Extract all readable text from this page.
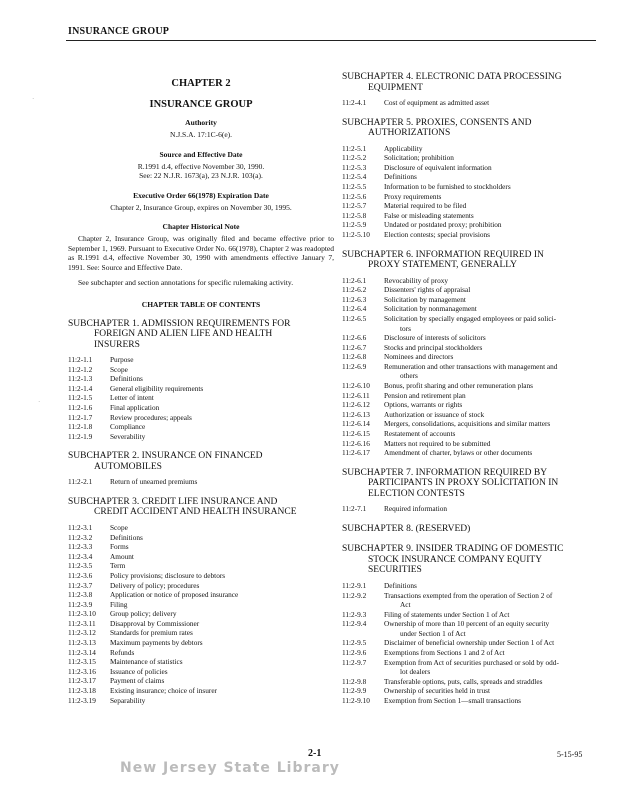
INSURANCE GROUP
·
·
CHAPTER 2
INSURANCE GROUP
Authority
N.J.S.A. 17:1C-6(e).
Source and Effective Date
R.1991 d.4, effective November 30, 1990.
See: 22 N.J.R. 1673(a), 23 N.J.R. 103(a).
Executive Order 66(1978) Expiration Date
Chapter 2, Insurance Group, expires on November 30, 1995.
Chapter Historical Note
Chapter 2, Insurance Group, was originally filed and became effective prior to September 1, 1969. Pursuant to Executive Order No. 66(1978), Chapter 2 was readopted as R.1991 d.4, effective November 30, 1990 with amendments effective January 7, 1991. See: Source and Effective Date.
See subchapter and section annotations for specific rulemaking activity.
CHAPTER TABLE OF CONTENTS
SUBCHAPTER 1. ADMISSION REQUIREMENTS FOR
FOREIGN AND ALIEN LIFE AND HEALTH
INSURERS
11:2-1.1	Purpose
11:2-1.2	Scope
11:2-1.3	Definitions
11:2-1.4	General eligibility requirements
11:2-1.5	Letter of intent
11:2-1.6	Final application
11:2-1.7	Review procedures; appeals
11:2-1.8	Compliance
11:2-1.9	Severability
SUBCHAPTER 2. INSURANCE ON FINANCED
AUTOMOBILES
11:2-2.1	Return of unearned premiums
SUBCHAPTER 3. CREDIT LIFE INSURANCE AND
CREDIT ACCIDENT AND HEALTH INSURANCE
11:2-3.1	Scope
11:2-3.2	Definitions
11:2-3.3	Forms
11:2-3.4	Amount
11:2-3.5	Term
11:2-3.6	Policy provisions; disclosure to debtors
11:2-3.7	Delivery of policy; procedures
11:2-3.8	Application or notice of proposed insurance
11:2-3.9	Filing
11:2-3.10	Group policy; delivery
11:2-3.11	Disapproval by Commissioner
11:2-3.12	Standards for premium rates
11:2-3.13	Maximum payments by debtors
11:2-3.14	Refunds
11:2-3.15	Maintenance of statistics
11:2-3.16	Issuance of policies
11:2-3.17	Payment of claims
11:2-3.18	Existing insurance; choice of insurer
11:2-3.19	Separability
SUBCHAPTER 4. ELECTRONIC DATA PROCESSING
EQUIPMENT
11:2-4.1	Cost of equipment as admitted asset
SUBCHAPTER 5. PROXIES, CONSENTS AND
AUTHORIZATIONS
11:2-5.1	Applicability
11:2-5.2	Solicitation; prohibition
11:2-5.3	Disclosure of equivalent information
11:2-5.4	Definitions
11:2-5.5	Information to be furnished to stockholders
11:2-5.6	Proxy requirements
11:2-5.7	Material required to be filed
11:2-5.8	False or misleading statements
11:2-5.9	Undated or postdated proxy; prohibition
11:2-5.10	Election contests; special provisions
SUBCHAPTER 6. INFORMATION REQUIRED IN
PROXY STATEMENT, GENERALLY
11:2-6.1	Revocability of proxy
11:2-6.2	Dissenters' rights of appraisal
11:2-6.3	Solicitation by management
11:2-6.4	Solicitation by nonmanagement
11:2-6.5	Solicitation by specially engaged employees or paid solici-
tors
11:2-6.6	Disclosure of interests of solicitors
11:2-6.7	Stocks and principal stockholders
11:2-6.8	Nominees and directors
11:2-6.9	Remuneration and other transactions with management and
others
11:2-6.10	Bonus, profit sharing and other remuneration plans
11:2-6.11	Pension and retirement plan
11:2-6.12	Options, warrants or rights
11:2-6.13	Authorization or issuance of stock
11:2-6.14	Mergers, consolidations, acquisitions and similar matters
11:2-6.15	Restatement of accounts
11:2-6.16	Matters not required to be submitted
11:2-6.17	Amendment of charter, bylaws or other documents
SUBCHAPTER 7. INFORMATION REQUIRED BY
PARTICIPANTS IN PROXY SOLICITATION IN
ELECTION CONTESTS
11:2-7.1	Required information
SUBCHAPTER 8. (RESERVED)
SUBCHAPTER 9. INSIDER TRADING OF DOMESTIC
STOCK INSURANCE COMPANY EQUITY
SECURITIES
11:2-9.1	Definitions
11:2-9.2	Transactions exempted from the operation of Section 2 of
Act
11:2-9.3	Filing of statements under Section 1 of Act
11:2-9.4	Ownership of more than 10 percent of an equity security
under Section 1 of Act
11:2-9.5	Disclaimer of beneficial ownership under Section 1 of Act
11:2-9.6	Exemptions from Sections 1 and 2 of Act
11:2-9.7	Exemption from Act of securities purchased or sold by odd-
lot dealers
11:2-9.8	Transferable options, puts, calls, spreads and straddles
11:2-9.9	Ownership of securities held in trust
11:2-9.10	Exemption from Section 1—small transactions
2-1	5-15-95
New Jersey State Library
